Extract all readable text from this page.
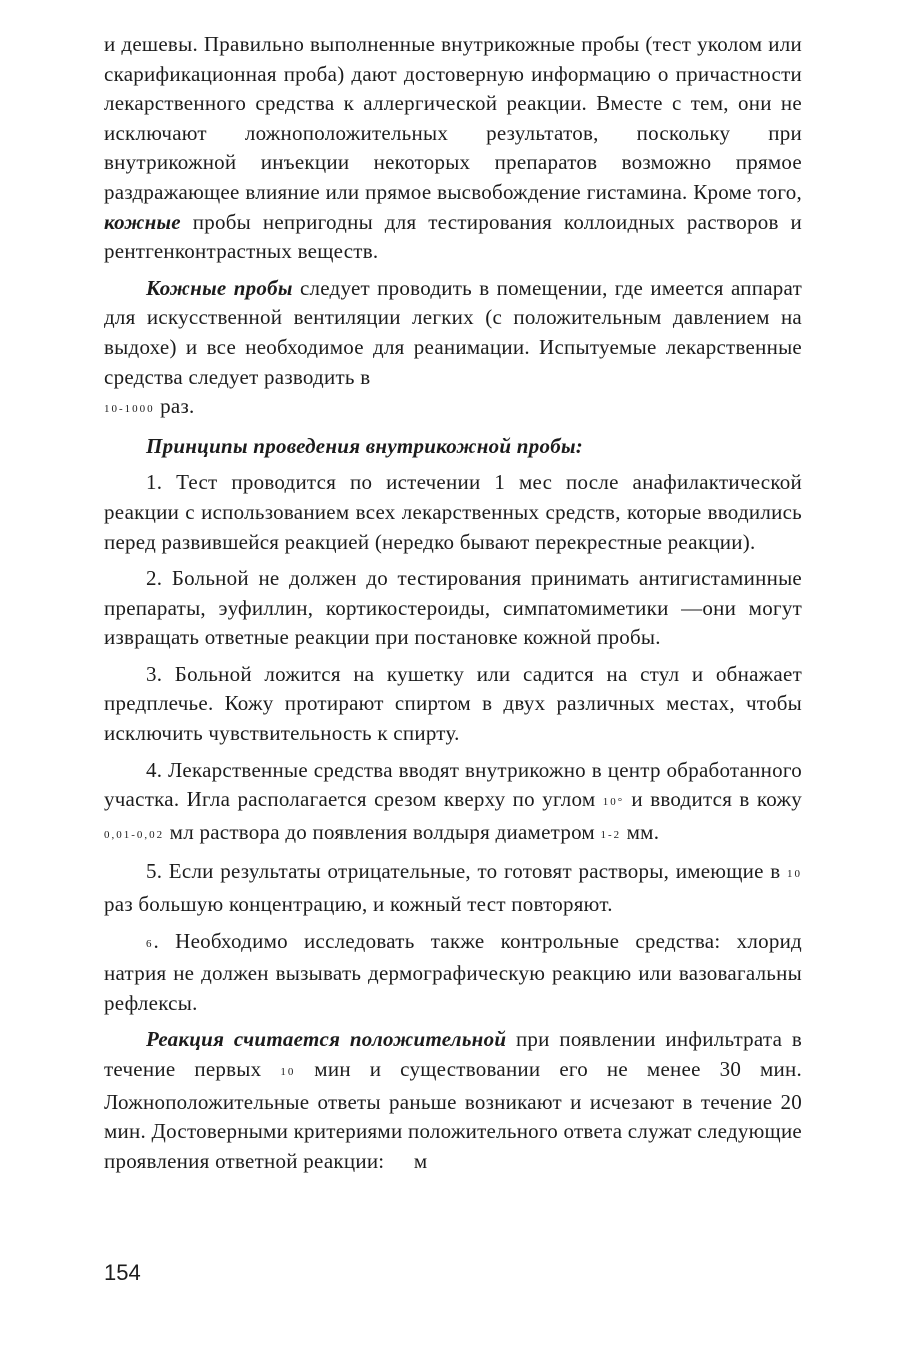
и дешевы. Правильно выполненные внутрикожные пробы (тест уколом или скарификационная проба) дают достоверную информацию о причастности лекарственного средства к аллергической реакции. Вместе с тем, они не исключают ложноположительных результатов, поскольку при внутрикожной инъекции некоторых препаратов возможно прямое раздражающее влияние или прямое высвобождение гистамина. Кроме того, кожные пробы непригодны для тестирования коллоидных растворов и рентгенконтрастных веществ.

Кожные пробы следует проводить в помещении, где имеется аппарат для искусственной вентиляции легких (с положительным давлением на выдохе) и все необходимое для реанимации. Испытуемые лекарственные средства следует разводить в
10-1000 раз.

Принципы проведения внутрикожной пробы:

1. Тест проводится по истечении 1 мес после анафилактической реакции с использованием всех лекарственных средств, которые вводились перед развившейся реакцией (нередко бывают перекрестные реакции).

2. Больной не должен до тестирования принимать антигистаминные препараты, эуфиллин, кортикостероиды, симпатомиметики —они могут извращать ответные реакции при постановке кожной пробы.

3. Больной ложится на кушетку или садится на стул и обнажает предплечье. Кожу протирают спиртом в двух различных местах, чтобы исключить чувствительность к спирту.

4. Лекарственные средства вводят внутрикожно в центр обработанного участка. Игла располагается срезом кверху по углом 10° и вводится в кожу 0,01-0,02 мл раствора до появления волдыря диаметром 1-2 мм.

5. Если результаты отрицательные, то готовят растворы, имеющие в 10 раз большую концентрацию, и кожный тест повторяют.

6. Необходимо исследовать также контрольные средства: хлорид натрия не должен вызывать дермографическую реакцию или вазовагальны рефлексы.

Реакция считается положительной при появлении инфильтрата в течение первых 10 мин и существовании его не менее 30 мин. Ложноположительные ответы раньше возникают и исчезают в течение 20 мин. Достоверными критериями положительного ответа служат следующие проявления ответной реакции: м

154
